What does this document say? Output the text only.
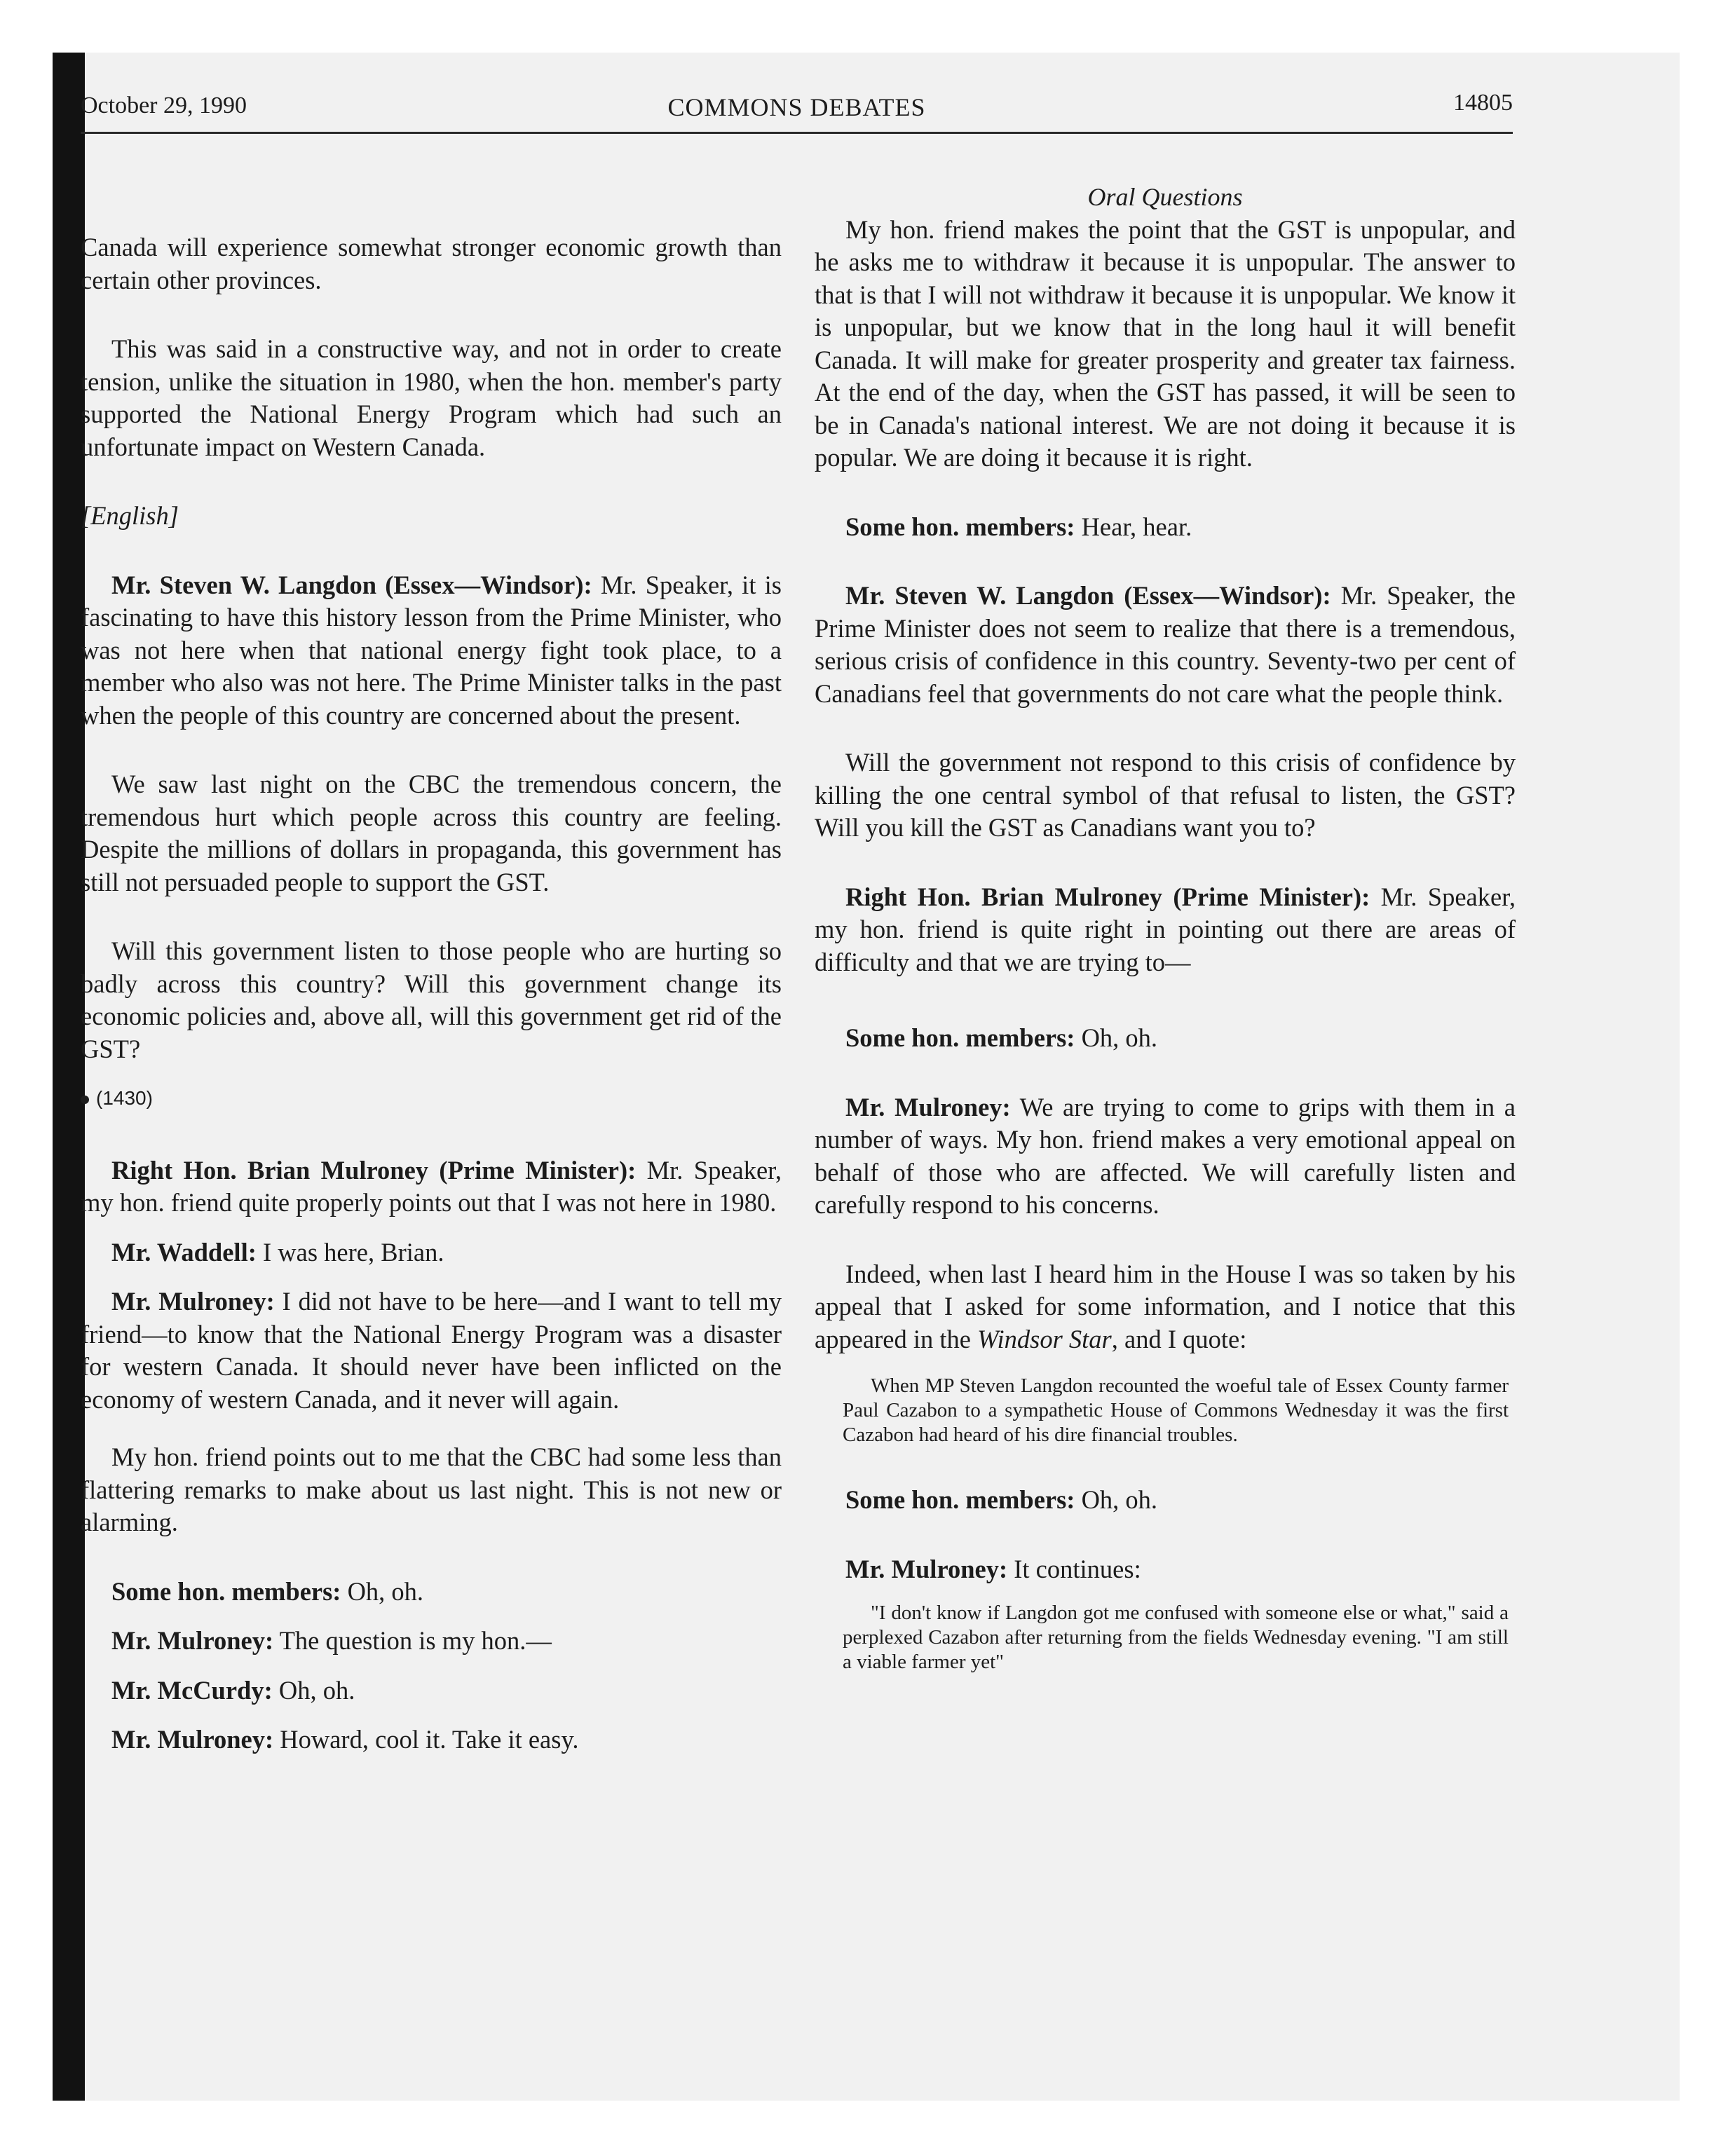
October 29, 1990	COMMONS DEBATES	14805

Canada will experience somewhat stronger economic growth than certain other provinces.

This was said in a constructive way, and not in order to create tension, unlike the situation in 1980, when the hon. member's party supported the National Energy Program which had such an unfortunate impact on Western Canada.

[English]

Mr. Steven W. Langdon (Essex—Windsor): Mr. Speaker, it is fascinating to have this history lesson from the Prime Minister, who was not here when that national energy fight took place, to a member who also was not here. The Prime Minister talks in the past when the people of this country are concerned about the present.

We saw last night on the CBC the tremendous concern, the tremendous hurt which people across this country are feeling. Despite the millions of dollars in propaganda, this government has still not persuaded people to support the GST.

Will this government listen to those people who are hurting so badly across this country? Will this government change its economic policies and, above all, will this government get rid of the GST?

(1430)

Right Hon. Brian Mulroney (Prime Minister): Mr. Speaker, my hon. friend quite properly points out that I was not here in 1980.

Mr. Waddell: I was here, Brian.

Mr. Mulroney: I did not have to be here—and I want to tell my friend—to know that the National Energy Program was a disaster for western Canada. It should never have been inflicted on the economy of western Canada, and it never will again.

My hon. friend points out to me that the CBC had some less than flattering remarks to make about us last night. This is not new or alarming.

Some hon. members: Oh, oh.

Mr. Mulroney: The question is my hon.—

Mr. McCurdy: Oh, oh.

Mr. Mulroney: Howard, cool it. Take it easy.

Oral Questions

My hon. friend makes the point that the GST is unpopular, and he asks me to withdraw it because it is unpopular. The answer to that is that I will not withdraw it because it is unpopular. We know it is unpopular, but we know that in the long haul it will benefit Canada. It will make for greater prosperity and greater tax fairness. At the end of the day, when the GST has passed, it will be seen to be in Canada's national interest. We are not doing it because it is popular. We are doing it because it is right.

Some hon. members: Hear, hear.

Mr. Steven W. Langdon (Essex—Windsor): Mr. Speaker, the Prime Minister does not seem to realize that there is a tremendous, serious crisis of confidence in this country. Seventy-two per cent of Canadians feel that governments do not care what the people think.

Will the government not respond to this crisis of confidence by killing the one central symbol of that refusal to listen, the GST? Will you kill the GST as Canadians want you to?

Right Hon. Brian Mulroney (Prime Minister): Mr. Speaker, my hon. friend is quite right in pointing out there are areas of difficulty and that we are trying to—

Some hon. members: Oh, oh.

Mr. Mulroney: We are trying to come to grips with them in a number of ways. My hon. friend makes a very emotional appeal on behalf of those who are affected. We will carefully listen and carefully respond to his concerns.

Indeed, when last I heard him in the House I was so taken by his appeal that I asked for some information, and I notice that this appeared in the Windsor Star, and I quote:

When MP Steven Langdon recounted the woeful tale of Essex County farmer Paul Cazabon to a sympathetic House of Commons Wednesday it was the first Cazabon had heard of his dire financial troubles.

Some hon. members: Oh, oh.

Mr. Mulroney: It continues:

"I don't know if Langdon got me confused with someone else or what," said a perplexed Cazabon after returning from the fields Wednesday evening. "I am still a viable farmer yet"
